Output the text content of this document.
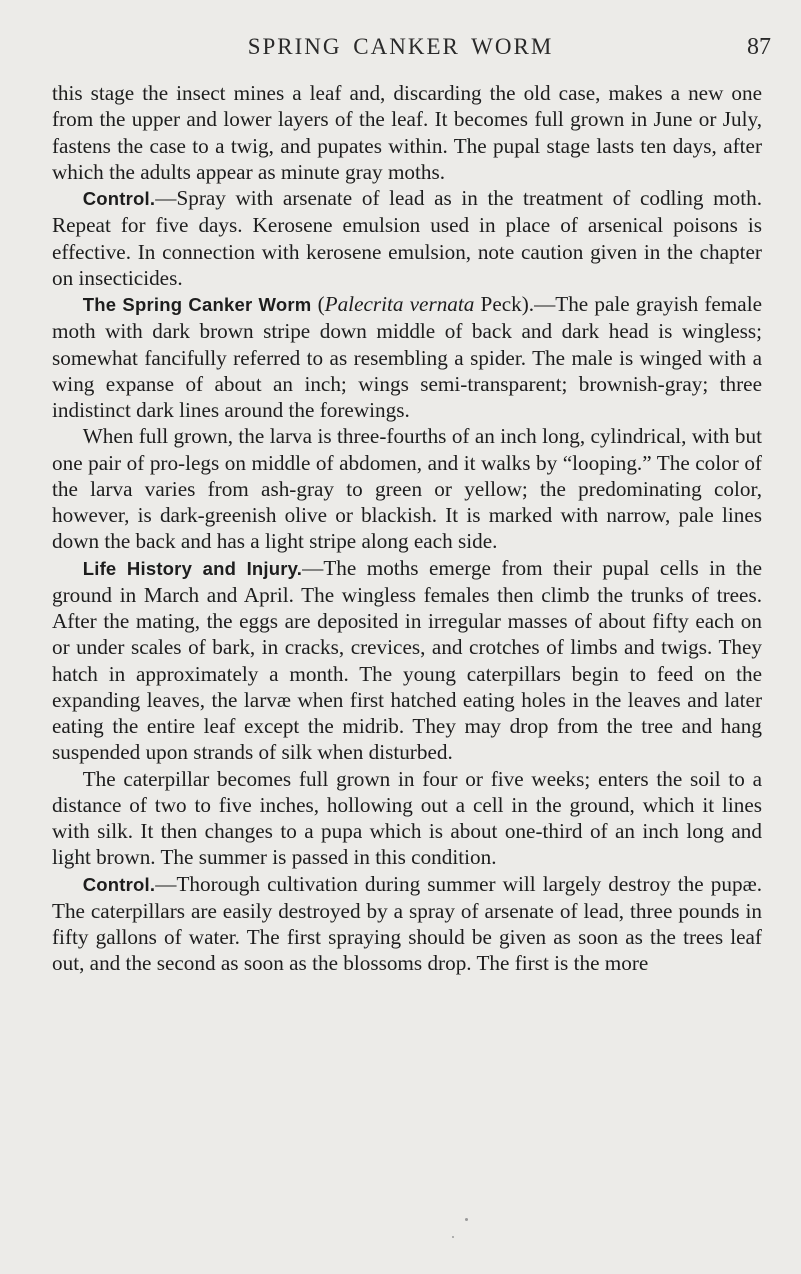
SPRING CANKER WORM	87

this stage the insect mines a leaf and, discarding the old case, makes a new one from the upper and lower layers of the leaf. It becomes full grown in June or July, fastens the case to a twig, and pupates within. The pupal stage lasts ten days, after which the adults appear as minute gray moths.

Control.—Spray with arsenate of lead as in the treatment of codling moth. Repeat for five days. Kerosene emulsion used in place of arsenical poisons is effective. In connection with kerosene emulsion, note caution given in the chapter on insecticides.

The Spring Canker Worm (Palecrita vernata Peck).—The pale grayish female moth with dark brown stripe down middle of back and dark head is wingless; somewhat fancifully referred to as resembling a spider. The male is winged with a wing expanse of about an inch; wings semi-transparent; brownish-gray; three indistinct dark lines around the forewings.

When full grown, the larva is three-fourths of an inch long, cylindrical, with but one pair of pro-legs on middle of abdomen, and it walks by “looping.” The color of the larva varies from ash-gray to green or yellow; the predominating color, however, is dark-greenish olive or blackish. It is marked with narrow, pale lines down the back and has a light stripe along each side.

Life History and Injury.—The moths emerge from their pupal cells in the ground in March and April. The wingless females then climb the trunks of trees. After the mating, the eggs are deposited in irregular masses of about fifty each on or under scales of bark, in cracks, crevices, and crotches of limbs and twigs. They hatch in approximately a month. The young caterpillars begin to feed on the expanding leaves, the larvæ when first hatched eating holes in the leaves and later eating the entire leaf except the midrib. They may drop from the tree and hang suspended upon strands of silk when disturbed.

The caterpillar becomes full grown in four or five weeks; enters the soil to a distance of two to five inches, hollowing out a cell in the ground, which it lines with silk. It then changes to a pupa which is about one-third of an inch long and light brown. The summer is passed in this condition.

Control.—Thorough cultivation during summer will largely destroy the pupæ. The caterpillars are easily destroyed by a spray of arsenate of lead, three pounds in fifty gallons of water. The first spraying should be given as soon as the trees leaf out, and the second as soon as the blossoms drop. The first is the more
